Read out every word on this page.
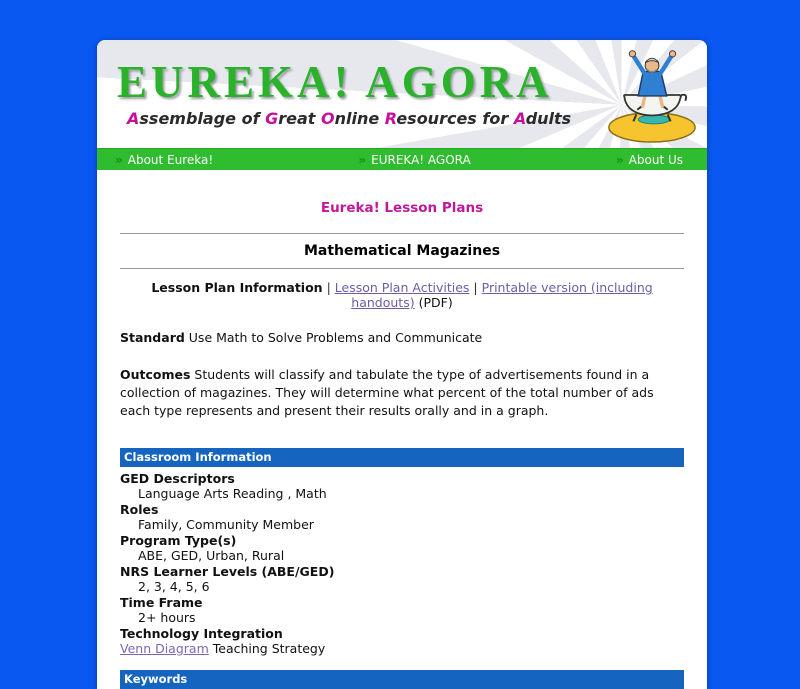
EUREKA! AGORA
Assemblage of Great Online Resources for Adults
» About Eureka!	» EUREKA! AGORA	» About Us
Eureka! Lesson Plans
Mathematical Magazines
Lesson Plan Information | Lesson Plan Activities | Printable version (including handouts) (PDF)
Standard Use Math to Solve Problems and Communicate
Outcomes Students will classify and tabulate the type of advertisements found in a collection of magazines. They will determine what percent of the total number of ads each type represents and present their results orally and in a graph.
Classroom Information
GED Descriptors
Language Arts Reading , Math
Roles
Family, Community Member
Program Type(s)
ABE, GED, Urban, Rural
NRS Learner Levels (ABE/GED)
2, 3, 4, 5, 6
Time Frame
2+ hours
Technology Integration
Venn Diagram Teaching Strategy
Keywords
